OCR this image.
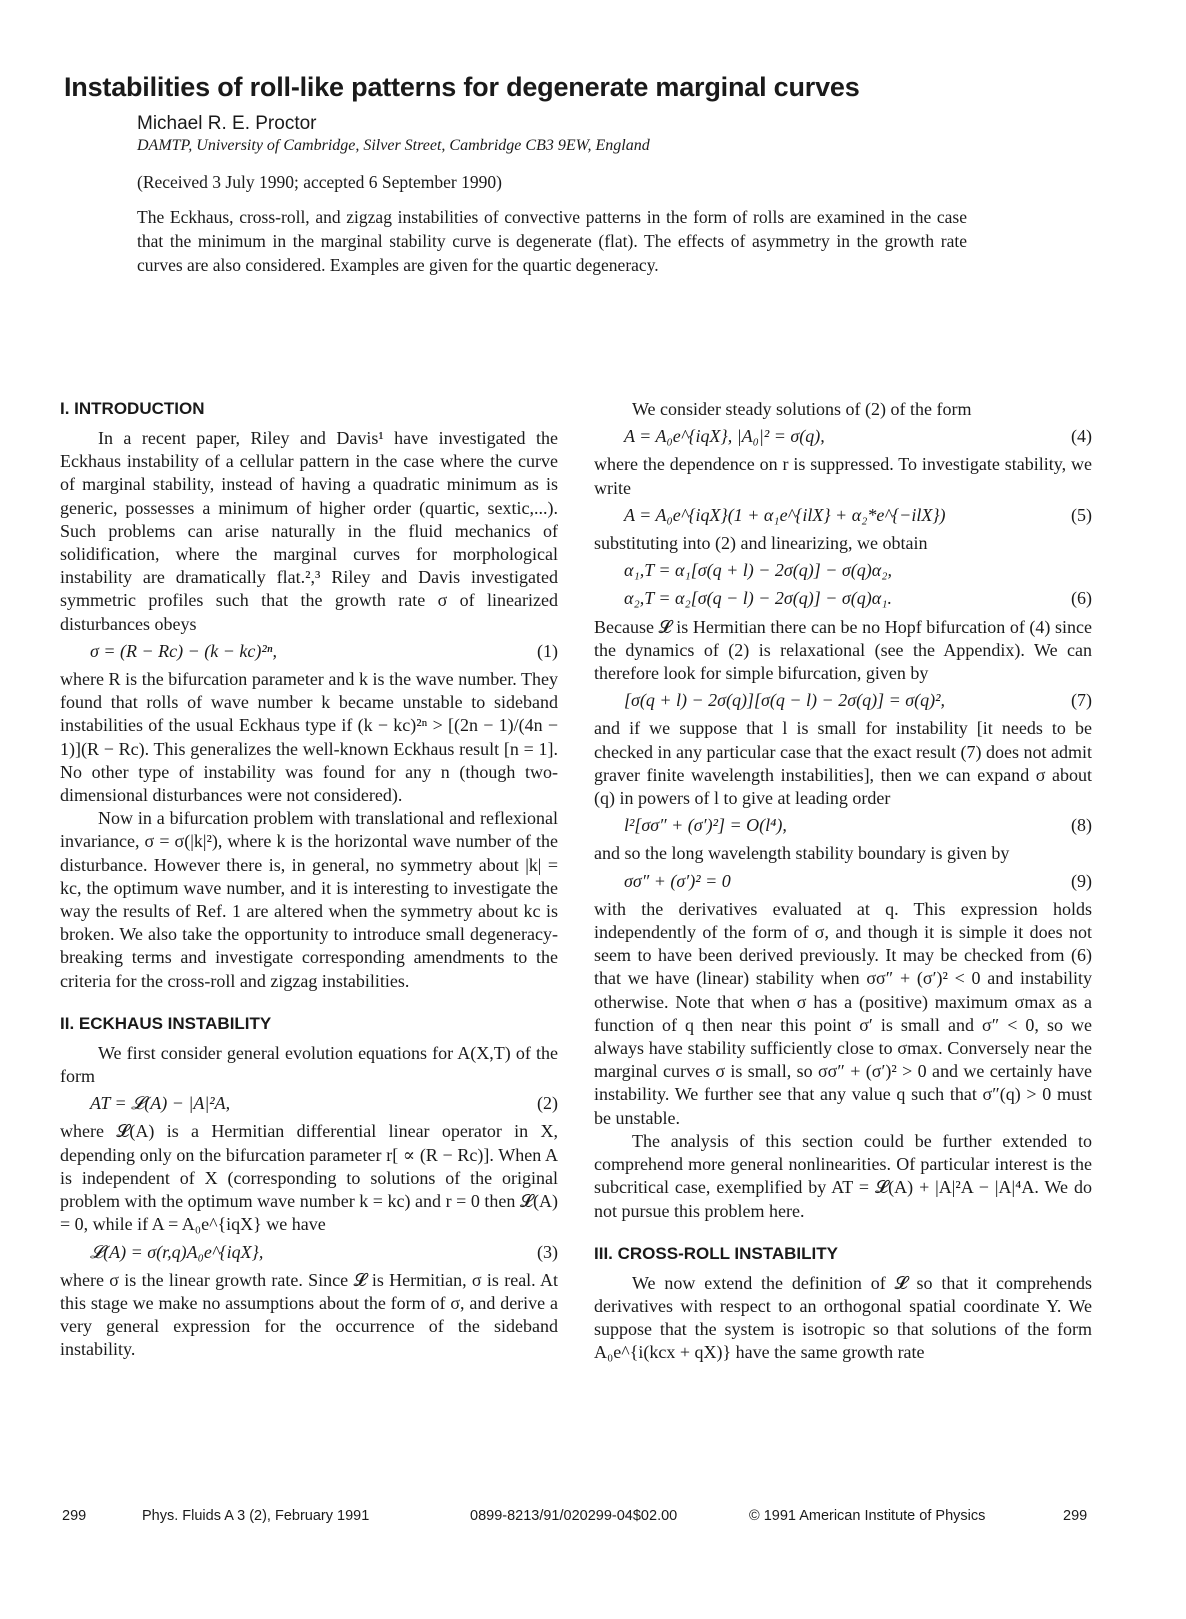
Instabilities of roll-like patterns for degenerate marginal curves
Michael R. E. Proctor
DAMTP, University of Cambridge, Silver Street, Cambridge CB3 9EW, England
(Received 3 July 1990; accepted 6 September 1990)

The Eckhaus, cross-roll, and zigzag instabilities of convective patterns in the form of rolls are examined in the case that the minimum in the marginal stability curve is degenerate (flat). The effects of asymmetry in the growth rate curves are also considered. Examples are given for the quartic degeneracy.

I. INTRODUCTION

In a recent paper, Riley and Davis¹ have investigated the Eckhaus instability of a cellular pattern in the case where the curve of marginal stability, instead of having a quadratic minimum as is generic, possesses a minimum of higher order (quartic, sextic,...). Such problems can arise naturally in the fluid mechanics of solidification, where the marginal curves for morphological instability are dramatically flat.²,³ Riley and Davis investigated symmetric profiles such that the growth rate σ of linearized disturbances obeys

σ = (R − Rc) − (k − kc)²ⁿ,	(1)

where R is the bifurcation parameter and k is the wave number. They found that rolls of wave number k became unstable to sideband instabilities of the usual Eckhaus type if (k − kc)²ⁿ > [(2n − 1)/(4n − 1)](R − Rc). This generalizes the well-known Eckhaus result [n = 1]. No other type of instability was found for any n (though two-dimensional disturbances were not considered).

Now in a bifurcation problem with translational and reflexional invariance, σ = σ(|k|²), where k is the horizontal wave number of the disturbance. However there is, in general, no symmetry about |k| = kc, the optimum wave number, and it is interesting to investigate the way the results of Ref. 1 are altered when the symmetry about kc is broken. We also take the opportunity to introduce small degeneracy-breaking terms and investigate corresponding amendments to the criteria for the cross-roll and zigzag instabilities.

II. ECKHAUS INSTABILITY

We first consider general evolution equations for A(X,T) of the form

AT = 𝓛(A) − |A|²A,	(2)

where 𝓛(A) is a Hermitian differential linear operator in X, depending only on the bifurcation parameter r[ ∝ (R − Rc)]. When A is independent of X (corresponding to solutions of the original problem with the optimum wave number k = kc) and r = 0 then 𝓛(A) = 0, while if A = A₀e^{iqX} we have

𝓛(A) = σ(r,q)A₀e^{iqX},	(3)

where σ is the linear growth rate. Since 𝓛 is Hermitian, σ is real. At this stage we make no assumptions about the form of σ, and derive a very general expression for the occurrence of the sideband instability.

We consider steady solutions of (2) of the form

A = A₀e^{iqX}, |A₀|² = σ(q),	(4)

where the dependence on r is suppressed. To investigate stability, we write

A = A₀e^{iqX}(1 + α₁e^{ilX} + α₂*e^{−ilX})	(5)

substituting into (2) and linearizing, we obtain

α₁,T = α₁[σ(q + l) − 2σ(q)] − σ(q)α₂,
α₂,T = α₂[σ(q − l) − 2σ(q)] − σ(q)α₁.	(6)

Because 𝓛 is Hermitian there can be no Hopf bifurcation of (4) since the dynamics of (2) is relaxational (see the Appendix). We can therefore look for simple bifurcation, given by

[σ(q + l) − 2σ(q)][σ(q − l) − 2σ(q)] = σ(q)²,	(7)

and if we suppose that l is small for instability [it needs to be checked in any particular case that the exact result (7) does not admit graver finite wavelength instabilities], then we can expand σ about (q) in powers of l to give at leading order

l²[σσ″ + (σ′)²] = O(l⁴),	(8)

and so the long wavelength stability boundary is given by

σσ″ + (σ′)² = 0	(9)

with the derivatives evaluated at q. This expression holds independently of the form of σ, and though it is simple it does not seem to have been derived previously. It may be checked from (6) that we have (linear) stability when σσ″ + (σ′)² < 0 and instability otherwise. Note that when σ has a (positive) maximum σmax as a function of q then near this point σ′ is small and σ″ < 0, so we always have stability sufficiently close to σmax. Conversely near the marginal curves σ is small, so σσ″ + (σ′)² > 0 and we certainly have instability. We further see that any value q such that σ″(q) > 0 must be unstable.

The analysis of this section could be further extended to comprehend more general nonlinearities. Of particular interest is the subcritical case, exemplified by AT = 𝓛(A) + |A|²A − |A|⁴A. We do not pursue this problem here.

III. CROSS-ROLL INSTABILITY

We now extend the definition of 𝓛 so that it comprehends derivatives with respect to an orthogonal spatial coordinate Y. We suppose that the system is isotropic so that solutions of the form A₀e^{i(kcx + qX)} have the same growth rate

299	Phys. Fluids A 3 (2), February 1991	0899-8213/91/020299-04$02.00	© 1991 American Institute of Physics	299
